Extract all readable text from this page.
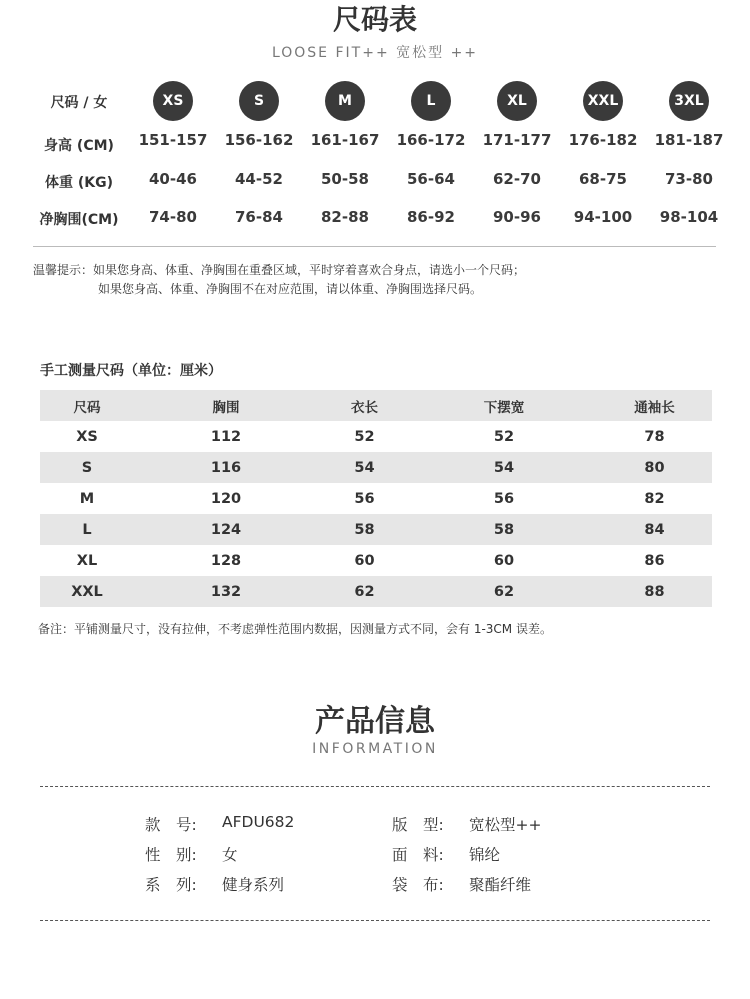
尺码表
LOOSE FIT++ 宽松型 ++
尺码 / 女	XS	S	M	L	XL	XXL	3XL
身高 (CM)	151-157	156-162	161-167	166-172	171-177	176-182	181-187
体重 (KG)	40-46	44-52	50-58	56-64	62-70	68-75	73-80
净胸围(CM)	74-80	76-84	82-88	86-92	90-96	94-100	98-104
温馨提示：如果您身高、体重、净胸围在重叠区域，平时穿着喜欢合身点，请选小一个尺码；
如果您身高、体重、净胸围不在对应范围，请以体重、净胸围选择尺码。
手工测量尺码（单位：厘米）
尺码	胸围	衣长	下摆宽	通袖长
XS	112	52	52	78
S	116	54	54	80
M	120	56	56	82
L	124	58	58	84
XL	128	60	60	86
XXL	132	62	62	88
备注：平铺测量尺寸，没有拉伸，不考虑弹性范围内数据，因测量方式不同，会有 1-3CM 误差。
产品信息
INFORMATION
款　号: AFDU682	版　型: 宽松型++
性　别: 女	面　料: 锦纶
系　列: 健身系列	袋　布: 聚酯纤维
